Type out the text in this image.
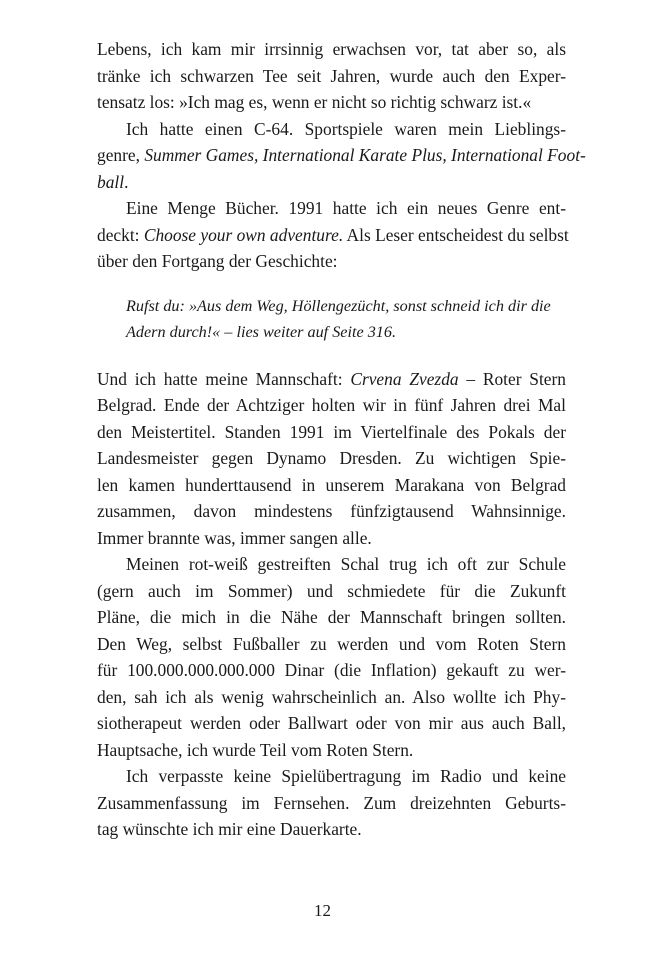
Lebens, ich kam mir irrsinnig erwachsen vor, tat aber so, als
tränke ich schwarzen Tee seit Jahren, wurde auch den Exper-
tensatz los: »Ich mag es, wenn er nicht so richtig schwarz ist.«
Ich hatte einen C-64. Sportspiele waren mein Lieblings-
genre, Summer Games, International Karate Plus, International Foot-
ball.
Eine Menge Bücher. 1991 hatte ich ein neues Genre ent-
deckt: Choose your own adventure. Als Leser entscheidest du selbst
über den Fortgang der Geschichte:
Rufst du: »Aus dem Weg, Höllengezücht, sonst schneid ich dir die
Adern durch!« – lies weiter auf Seite 316.
Und ich hatte meine Mannschaft: Crvena Zvezda – Roter Stern
Belgrad. Ende der Achtziger holten wir in fünf Jahren drei Mal
den Meistertitel. Standen 1991 im Viertelfinale des Pokals der
Landesmeister gegen Dynamo Dresden. Zu wichtigen Spie-
len kamen hunderttausend in unserem Marakana von Belgrad
zusammen, davon mindestens fünfzigtausend Wahnsinnige.
Immer brannte was, immer sangen alle.
Meinen rot-weiß gestreiften Schal trug ich oft zur Schule
(gern auch im Sommer) und schmiedete für die Zukunft
Pläne, die mich in die Nähe der Mannschaft bringen sollten.
Den Weg, selbst Fußballer zu werden und vom Roten Stern
für 100.000.000.000.000 Dinar (die Inflation) gekauft zu wer-
den, sah ich als wenig wahrscheinlich an. Also wollte ich Phy-
siotherapeut werden oder Ballwart oder von mir aus auch Ball,
Hauptsache, ich wurde Teil vom Roten Stern.
Ich verpasste keine Spielübertragung im Radio und keine
Zusammenfassung im Fernsehen. Zum dreizehnten Geburts-
tag wünschte ich mir eine Dauerkarte.
12
